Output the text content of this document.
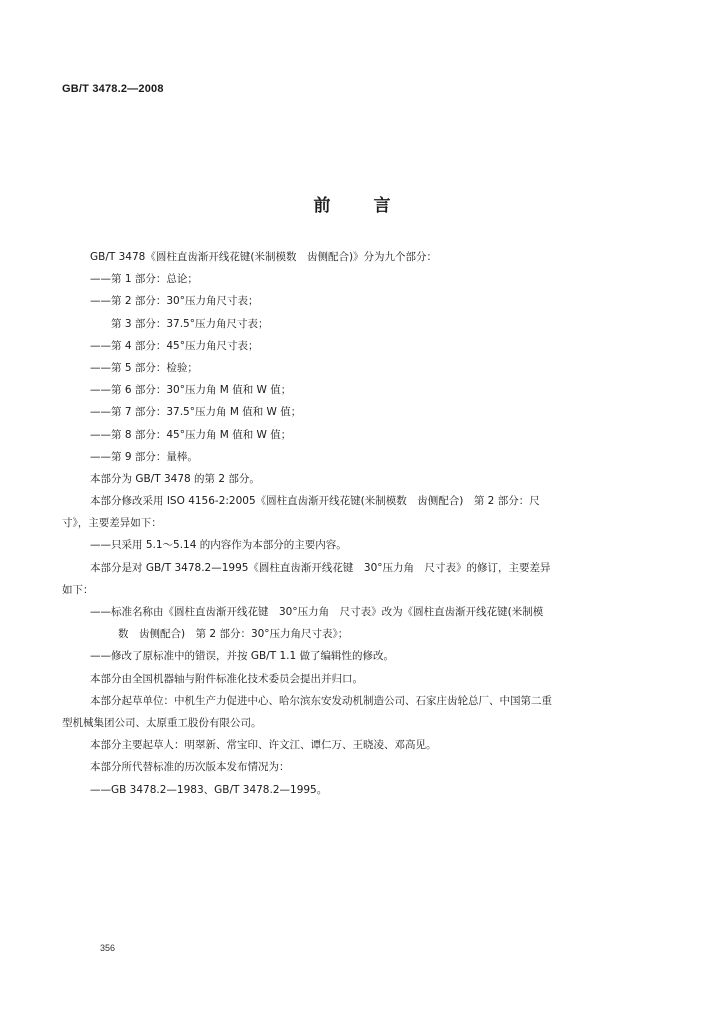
GB/T 3478.2—2008
前 言
GB/T 3478《圆柱直齿渐开线花键(米制模数　齿侧配合)》分为九个部分：
——第 1 部分：总论；
——第 2 部分：30°压力角尺寸表；
　　第 3 部分：37.5°压力角尺寸表；
——第 4 部分：45°压力角尺寸表；
——第 5 部分：检验；
——第 6 部分：30°压力角 M 值和 W 值；
——第 7 部分：37.5°压力角 M 值和 W 值；
——第 8 部分：45°压力角 M 值和 W 值；
——第 9 部分：量棒。
本部分为 GB/T 3478 的第 2 部分。
本部分修改采用 ISO 4156-2:2005《圆柱直齿渐开线花键(米制模数　齿侧配合)　第 2 部分：尺
寸》，主要差异如下：
——只采用 5.1～5.14 的内容作为本部分的主要内容。
本部分是对 GB/T 3478.2—1995《圆柱直齿渐开线花键　30°压力角　尺寸表》的修订，主要差异
如下：
——标准名称由《圆柱直齿渐开线花键　30°压力角　尺寸表》改为《圆柱直齿渐开线花键(米制模
数　齿侧配合)　第 2 部分：30°压力角尺寸表》；
——修改了原标准中的错误，并按 GB/T 1.1 做了编辑性的修改。
本部分由全国机器轴与附件标准化技术委员会提出并归口。
本部分起草单位：中机生产力促进中心、哈尔滨东安发动机制造公司、石家庄齿轮总厂、中国第二重
型机械集团公司、太原重工股份有限公司。
本部分主要起草人：明翠新、常宝印、许文江、谭仁万、王晓凌、邓高见。
本部分所代替标准的历次版本发布情况为：
——GB 3478.2—1983、GB/T 3478.2—1995。
356
